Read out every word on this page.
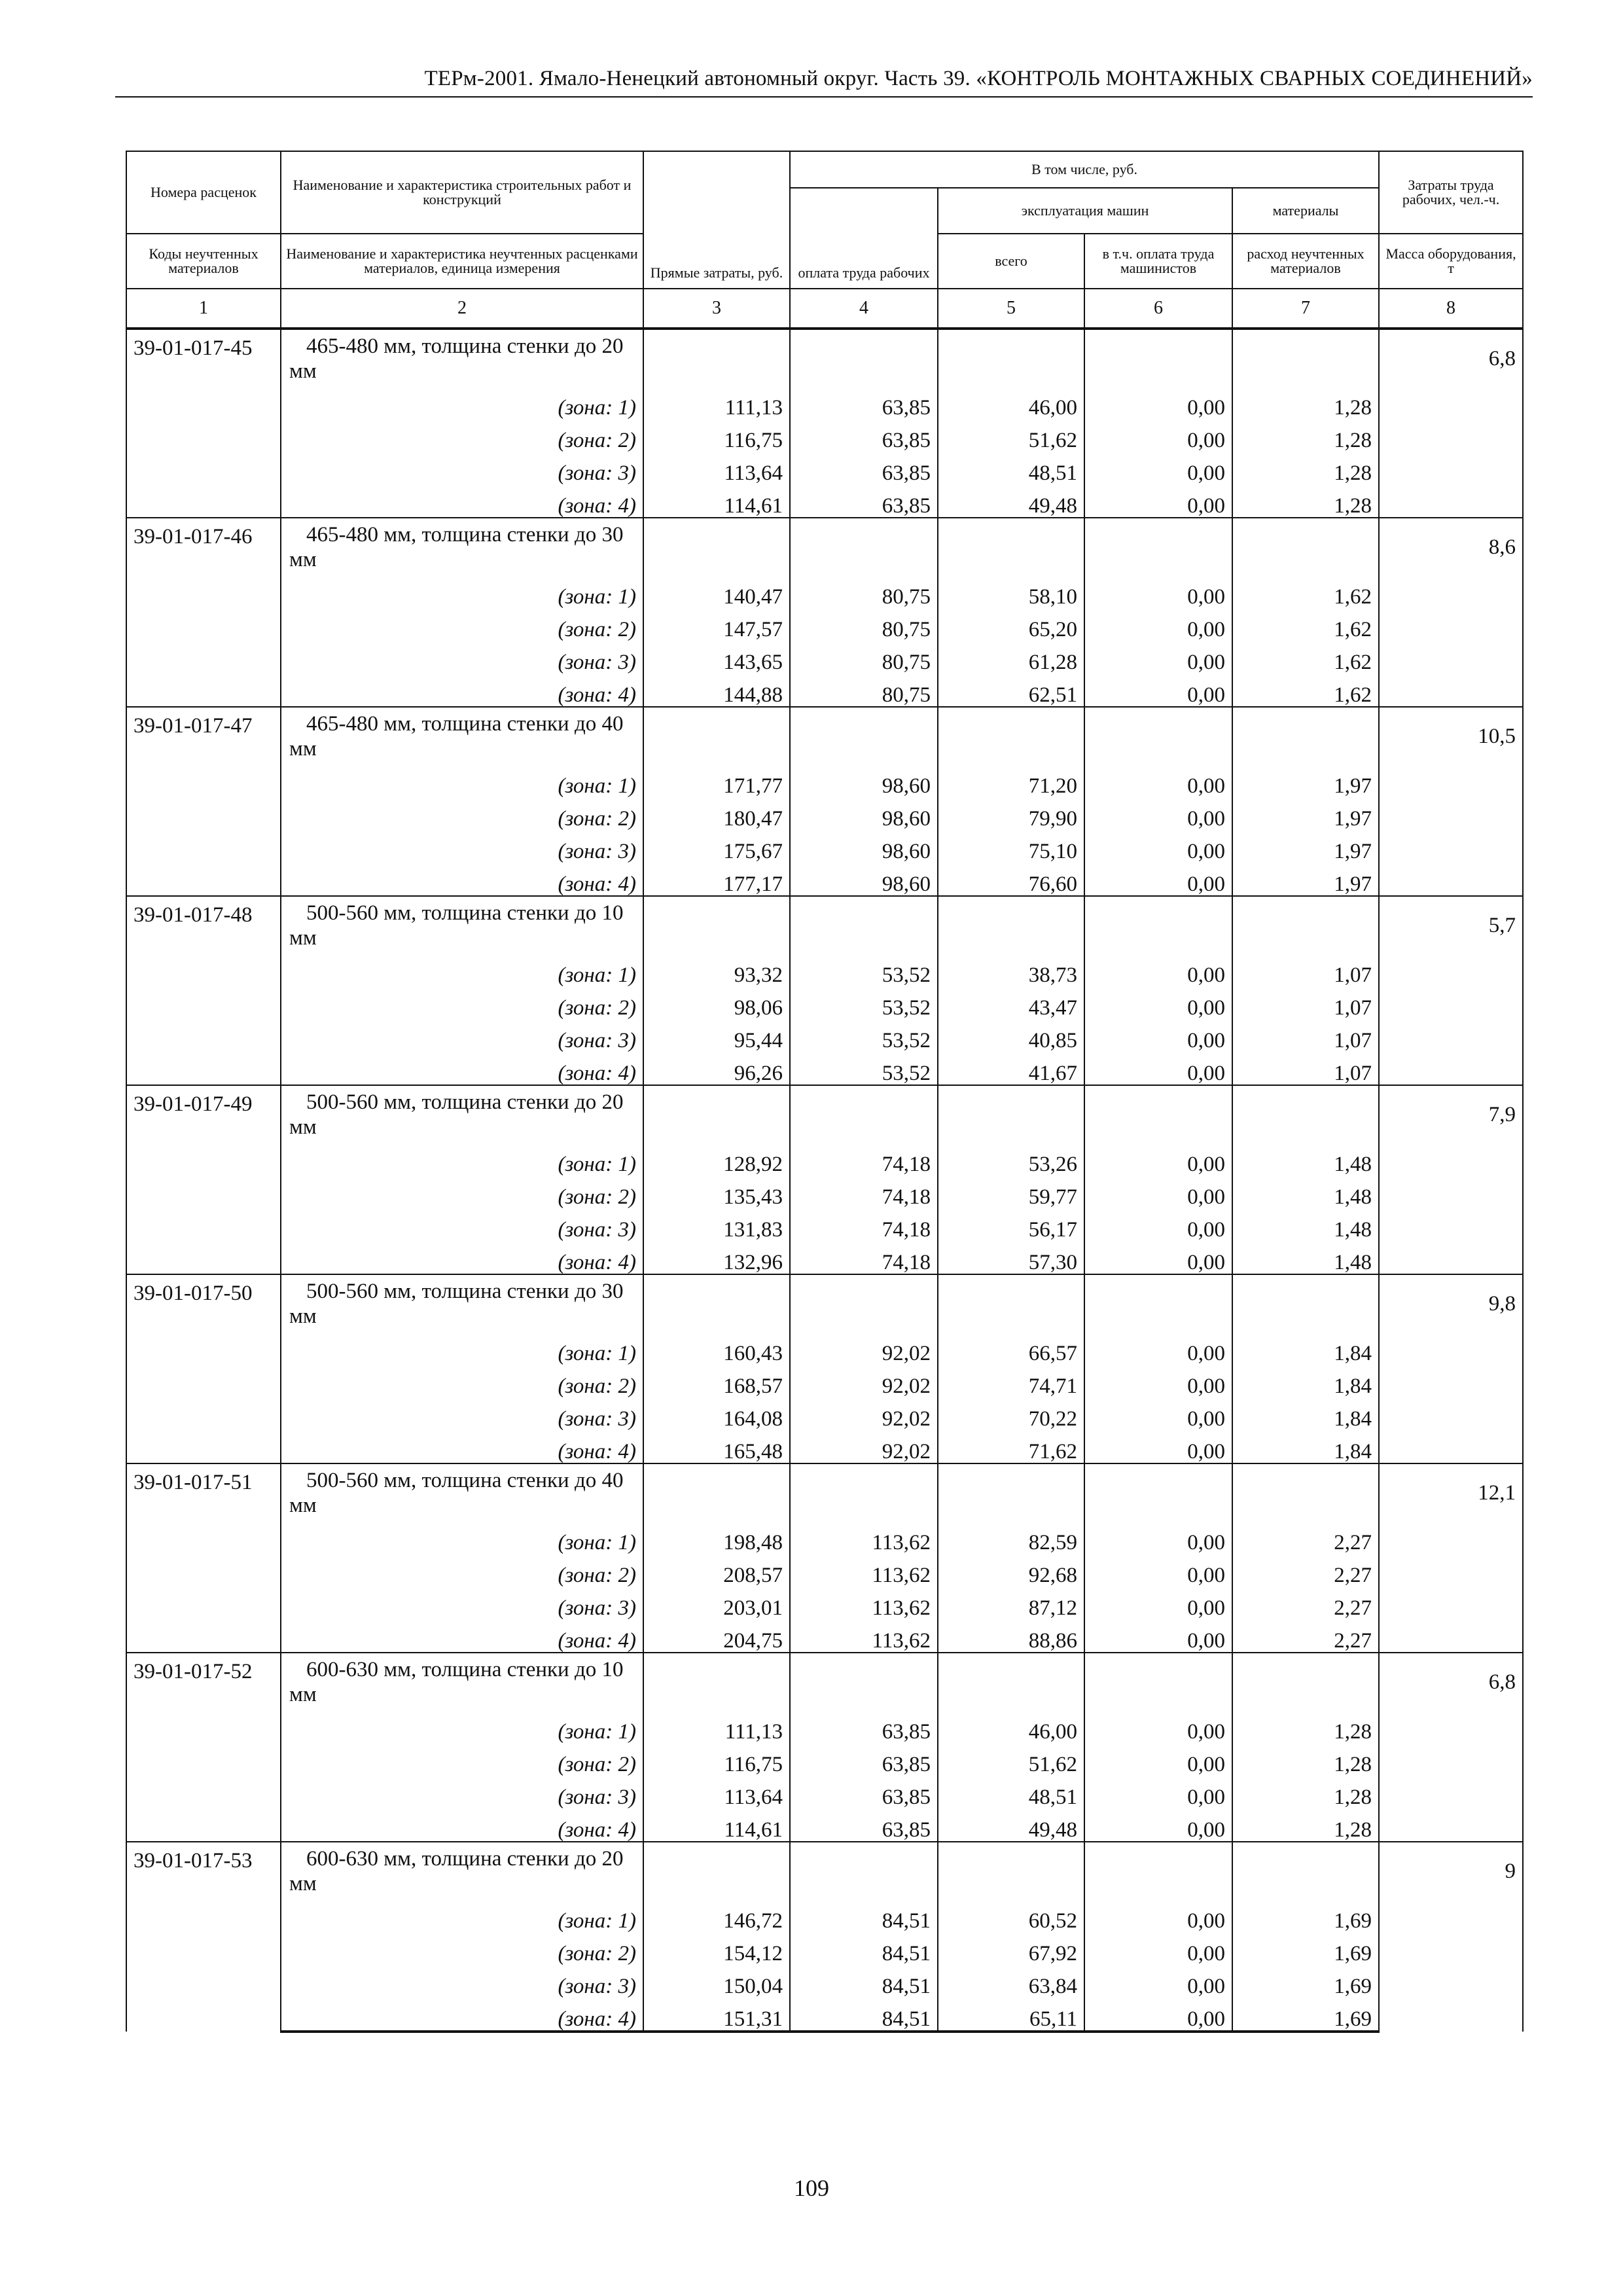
ТЕРм-2001. Ямало-Ненецкий автономный округ. Часть 39. «КОНТРОЛЬ МОНТАЖНЫХ СВАРНЫХ СОЕДИНЕНИЙ»
Номера расценок	Наименование и характеристика строительных работ и конструкций	Прямые затраты, руб.	В том числе, руб.				Затраты труда рабочих, чел.-ч.
			оплата труда рабочих	эксплуатация машин		материалы	
Коды неучтенных материалов	Наименование и характеристика неучтенных расценками материалов, единица измерения			всего	в т.ч. оплата труда машинистов	расход неучтенных материалов	Масса оборудования, т
1	2	3	4	5	6	7	8
39-01-017-45	465-480 мм, толщина стенки до 20 мм						6,8
	(зона: 1)	111,13	63,85	46,00	0,00	1,28	
	(зона: 2)	116,75	63,85	51,62	0,00	1,28	
	(зона: 3)	113,64	63,85	48,51	0,00	1,28	
	(зона: 4)	114,61	63,85	49,48	0,00	1,28	
39-01-017-46	465-480 мм, толщина стенки до 30 мм						8,6
	(зона: 1)	140,47	80,75	58,10	0,00	1,62	
	(зона: 2)	147,57	80,75	65,20	0,00	1,62	
	(зона: 3)	143,65	80,75	61,28	0,00	1,62	
	(зона: 4)	144,88	80,75	62,51	0,00	1,62	
39-01-017-47	465-480 мм, толщина стенки до 40 мм						10,5
	(зона: 1)	171,77	98,60	71,20	0,00	1,97	
	(зона: 2)	180,47	98,60	79,90	0,00	1,97	
	(зона: 3)	175,67	98,60	75,10	0,00	1,97	
	(зона: 4)	177,17	98,60	76,60	0,00	1,97	
39-01-017-48	500-560 мм, толщина стенки до 10 мм						5,7
	(зона: 1)	93,32	53,52	38,73	0,00	1,07	
	(зона: 2)	98,06	53,52	43,47	0,00	1,07	
	(зона: 3)	95,44	53,52	40,85	0,00	1,07	
	(зона: 4)	96,26	53,52	41,67	0,00	1,07	
39-01-017-49	500-560 мм, толщина стенки до 20 мм						7,9
	(зона: 1)	128,92	74,18	53,26	0,00	1,48	
	(зона: 2)	135,43	74,18	59,77	0,00	1,48	
	(зона: 3)	131,83	74,18	56,17	0,00	1,48	
	(зона: 4)	132,96	74,18	57,30	0,00	1,48	
39-01-017-50	500-560 мм, толщина стенки до 30 мм						9,8
	(зона: 1)	160,43	92,02	66,57	0,00	1,84	
	(зона: 2)	168,57	92,02	74,71	0,00	1,84	
	(зона: 3)	164,08	92,02	70,22	0,00	1,84	
	(зона: 4)	165,48	92,02	71,62	0,00	1,84	
39-01-017-51	500-560 мм, толщина стенки до 40 мм						12,1
	(зона: 1)	198,48	113,62	82,59	0,00	2,27	
	(зона: 2)	208,57	113,62	92,68	0,00	2,27	
	(зона: 3)	203,01	113,62	87,12	0,00	2,27	
	(зона: 4)	204,75	113,62	88,86	0,00	2,27	
39-01-017-52	600-630 мм, толщина стенки до 10 мм						6,8
	(зона: 1)	111,13	63,85	46,00	0,00	1,28	
	(зона: 2)	116,75	63,85	51,62	0,00	1,28	
	(зона: 3)	113,64	63,85	48,51	0,00	1,28	
	(зона: 4)	114,61	63,85	49,48	0,00	1,28	
39-01-017-53	600-630 мм, толщина стенки до 20 мм						9
	(зона: 1)	146,72	84,51	60,52	0,00	1,69	
	(зона: 2)	154,12	84,51	67,92	0,00	1,69	
	(зона: 3)	150,04	84,51	63,84	0,00	1,69	
	(зона: 4)	151,31	84,51	65,11	0,00	1,69	
109
